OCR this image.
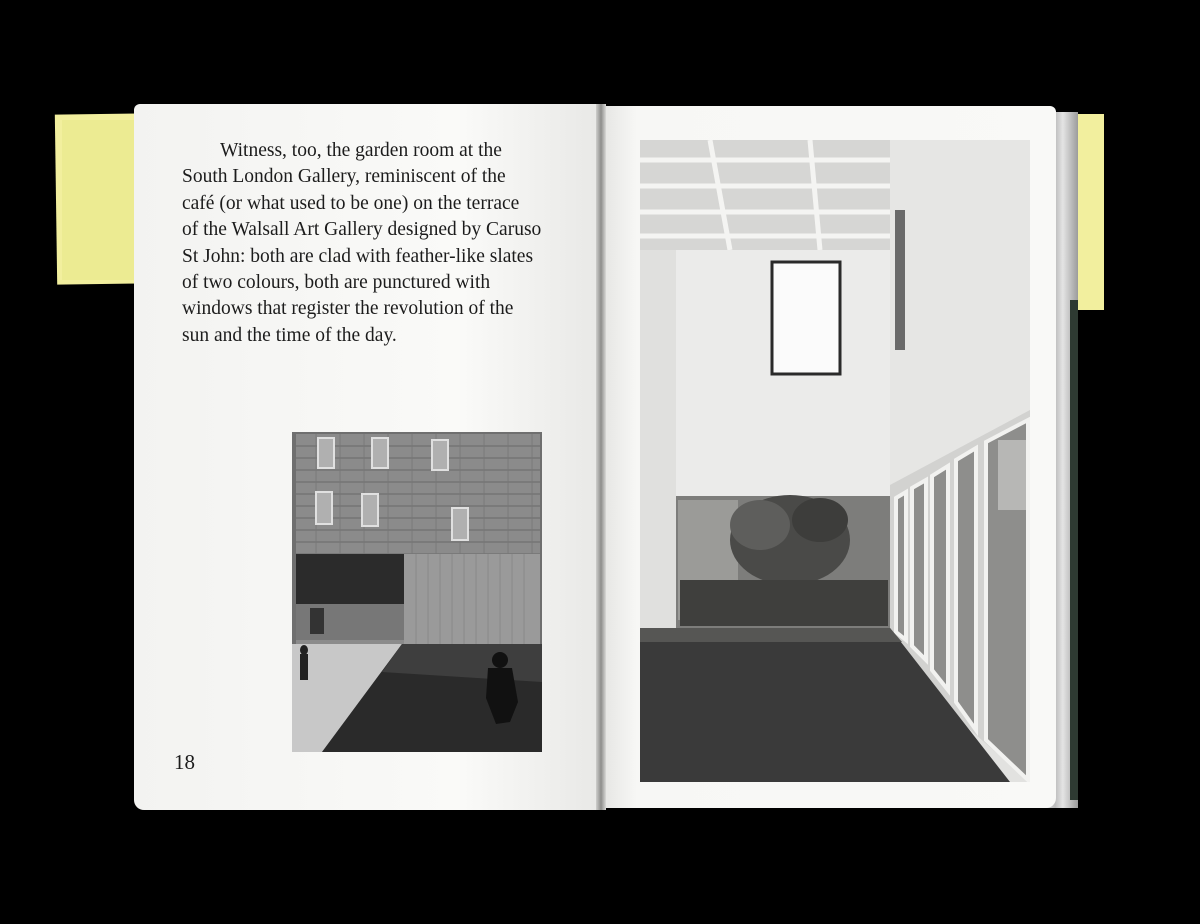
Witness, too, the garden room at the
South London Gallery, reminiscent of the
café (or what used to be one) on the terrace
of the Walsall Art Gallery designed by Caruso
St John: both are clad with feather-like slates
of two colours, both are punctured with
windows that register the revolution of the
sun and the time of the day.

18
